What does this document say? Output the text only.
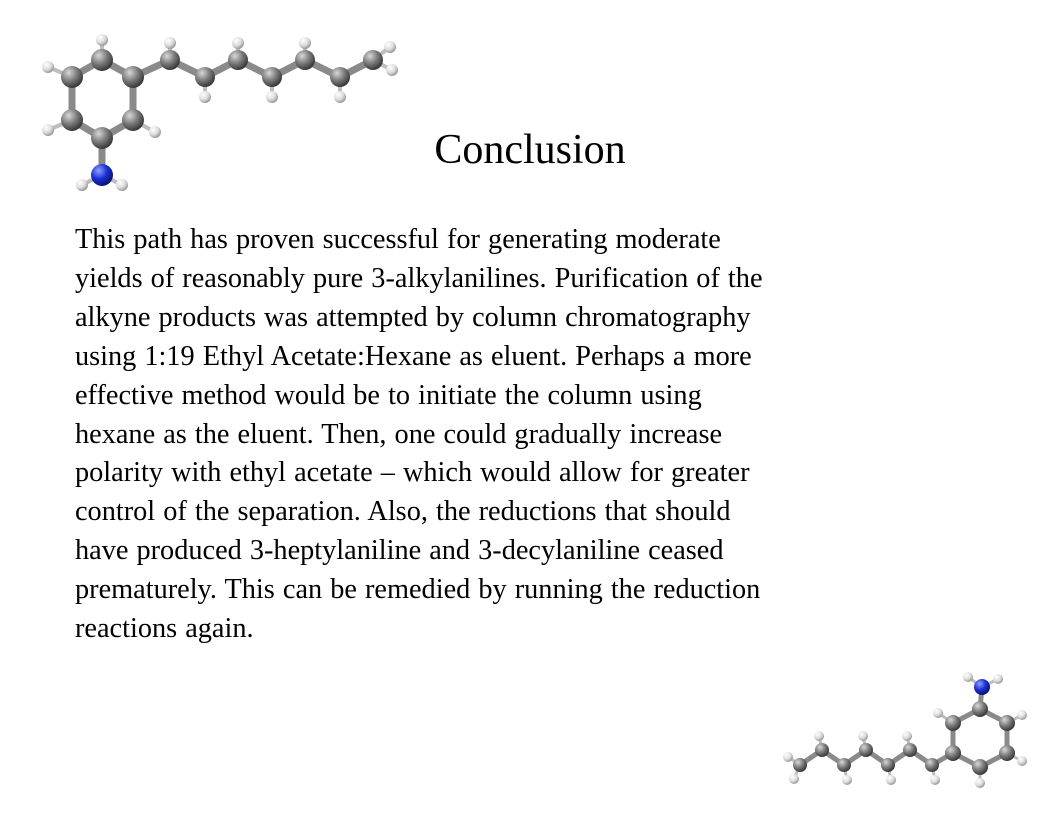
Conclusion

This path has proven successful for generating moderate

yields of reasonably pure 3-alkylanilines. Purification of the

alkyne products was attempted by column chromatography

using 1:19 Ethyl Acetate:Hexane as eluent. Perhaps a more

effective method would be to initiate the column using

hexane as the eluent. Then, one could gradually increase

polarity with ethyl acetate – which would allow for greater

control of the separation. Also, the reductions that should

have produced 3-heptylaniline and 3-decylaniline ceased

prematurely. This can be remedied by running the reduction

reactions again.
